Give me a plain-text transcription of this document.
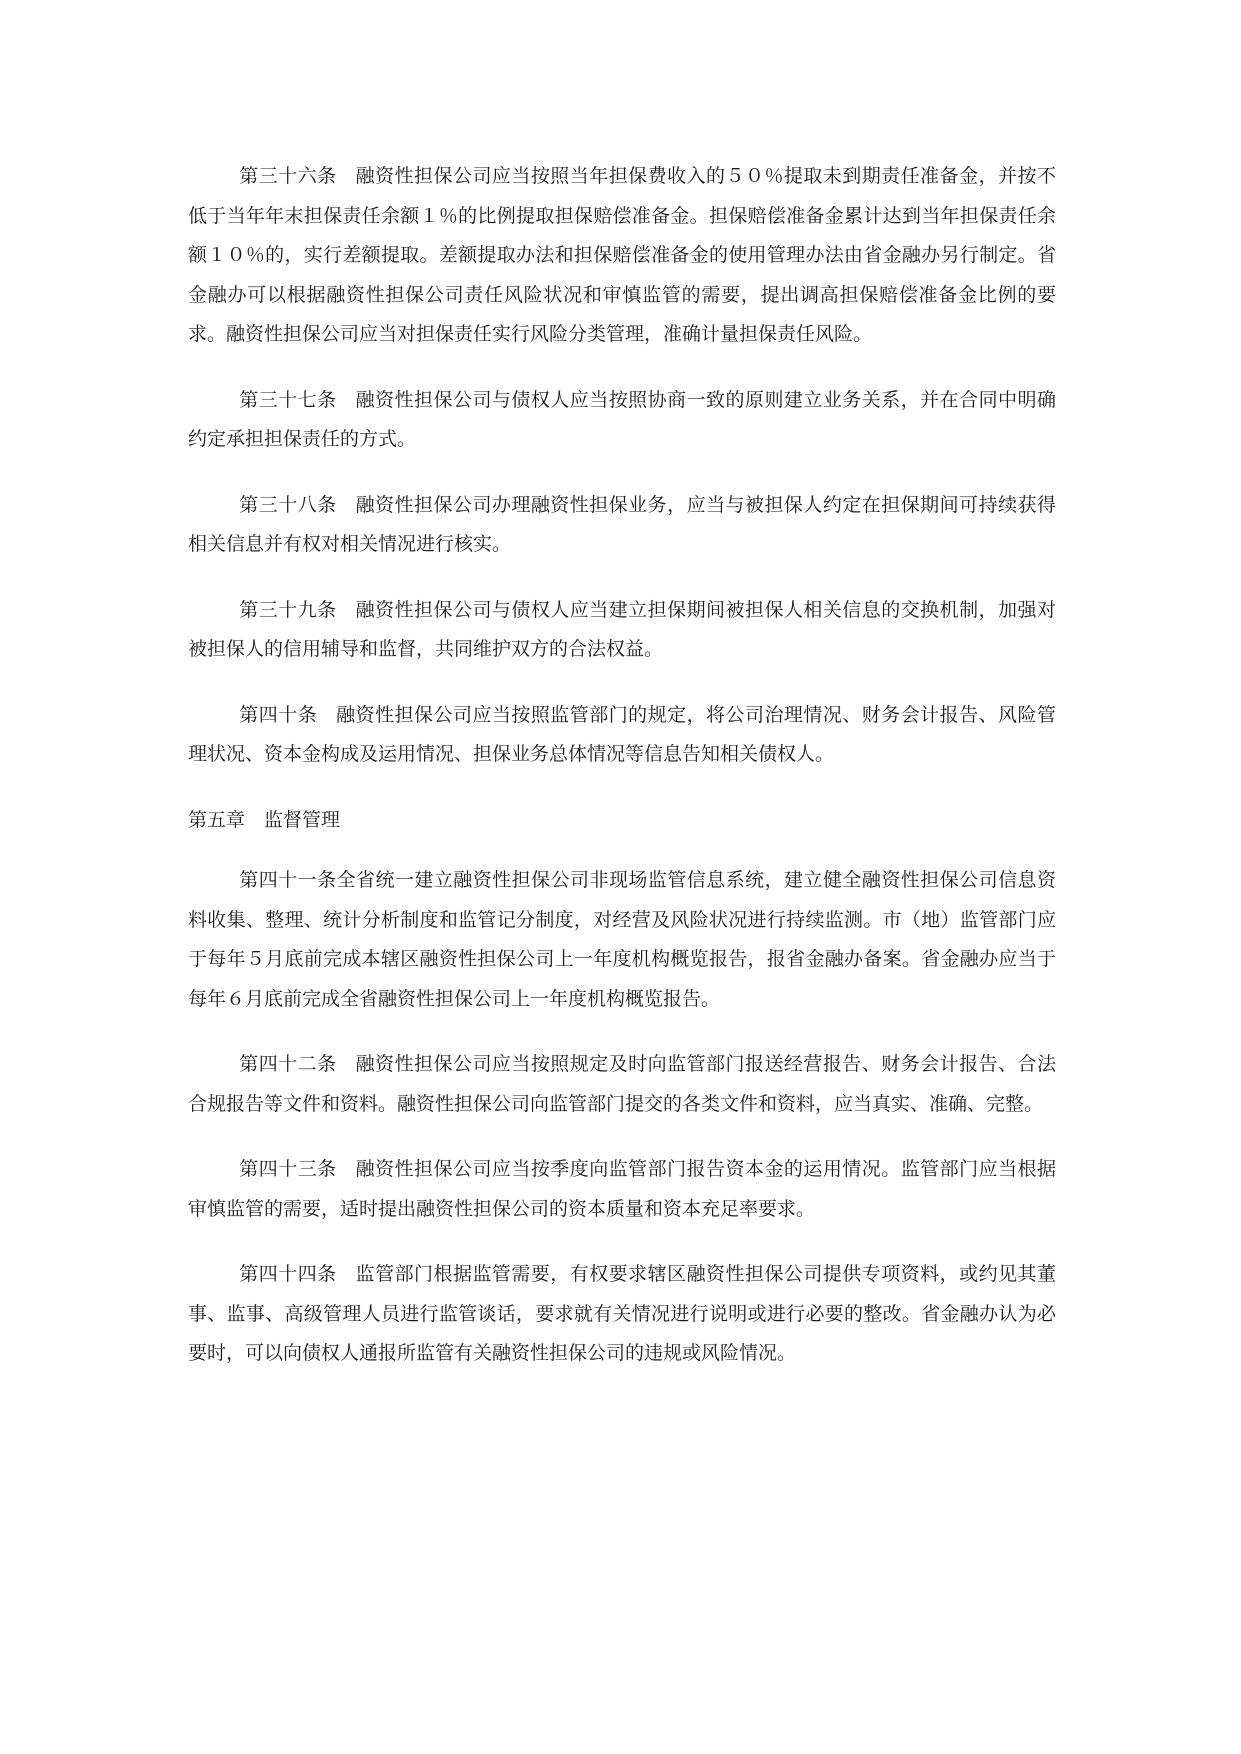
第三十六条 融资性担保公司应当按照当年担保费收入的５０％提取未到期责任准备金，并按不低于当年年末担保责任余额１％的比例提取担保赔偿准备金。担保赔偿准备金累计达到当年担保责任余额１０％的，实行差额提取。差额提取办法和担保赔偿准备金的使用管理办法由省金融办另行制定。省金融办可以根据融资性担保公司责任风险状况和审慎监管的需要，提出调高担保赔偿准备金比例的要求。融资性担保公司应当对担保责任实行风险分类管理，准确计量担保责任风险。

第三十七条 融资性担保公司与债权人应当按照协商一致的原则建立业务关系，并在合同中明确约定承担担保责任的方式。

第三十八条 融资性担保公司办理融资性担保业务，应当与被担保人约定在担保期间可持续获得相关信息并有权对相关情况进行核实。

第三十九条 融资性担保公司与债权人应当建立担保期间被担保人相关信息的交换机制，加强对被担保人的信用辅导和监督，共同维护双方的合法权益。

第四十条 融资性担保公司应当按照监管部门的规定，将公司治理情况、财务会计报告、风险管理状况、资本金构成及运用情况、担保业务总体情况等信息告知相关债权人。

第五章 监督管理

第四十一条全省统一建立融资性担保公司非现场监管信息系统，建立健全融资性担保公司信息资料收集、整理、统计分析制度和监管记分制度，对经营及风险状况进行持续监测。市（地）监管部门应于每年５月底前完成本辖区融资性担保公司上一年度机构概览报告，报省金融办备案。省金融办应当于每年６月底前完成全省融资性担保公司上一年度机构概览报告。

第四十二条 融资性担保公司应当按照规定及时向监管部门报送经营报告、财务会计报告、合法合规报告等文件和资料。融资性担保公司向监管部门提交的各类文件和资料，应当真实、准确、完整。

第四十三条 融资性担保公司应当按季度向监管部门报告资本金的运用情况。监管部门应当根据审慎监管的需要，适时提出融资性担保公司的资本质量和资本充足率要求。

第四十四条 监管部门根据监管需要，有权要求辖区融资性担保公司提供专项资料，或约见其董事、监事、高级管理人员进行监管谈话，要求就有关情况进行说明或进行必要的整改。省金融办认为必要时，可以向债权人通报所监管有关融资性担保公司的违规或风险情况。
